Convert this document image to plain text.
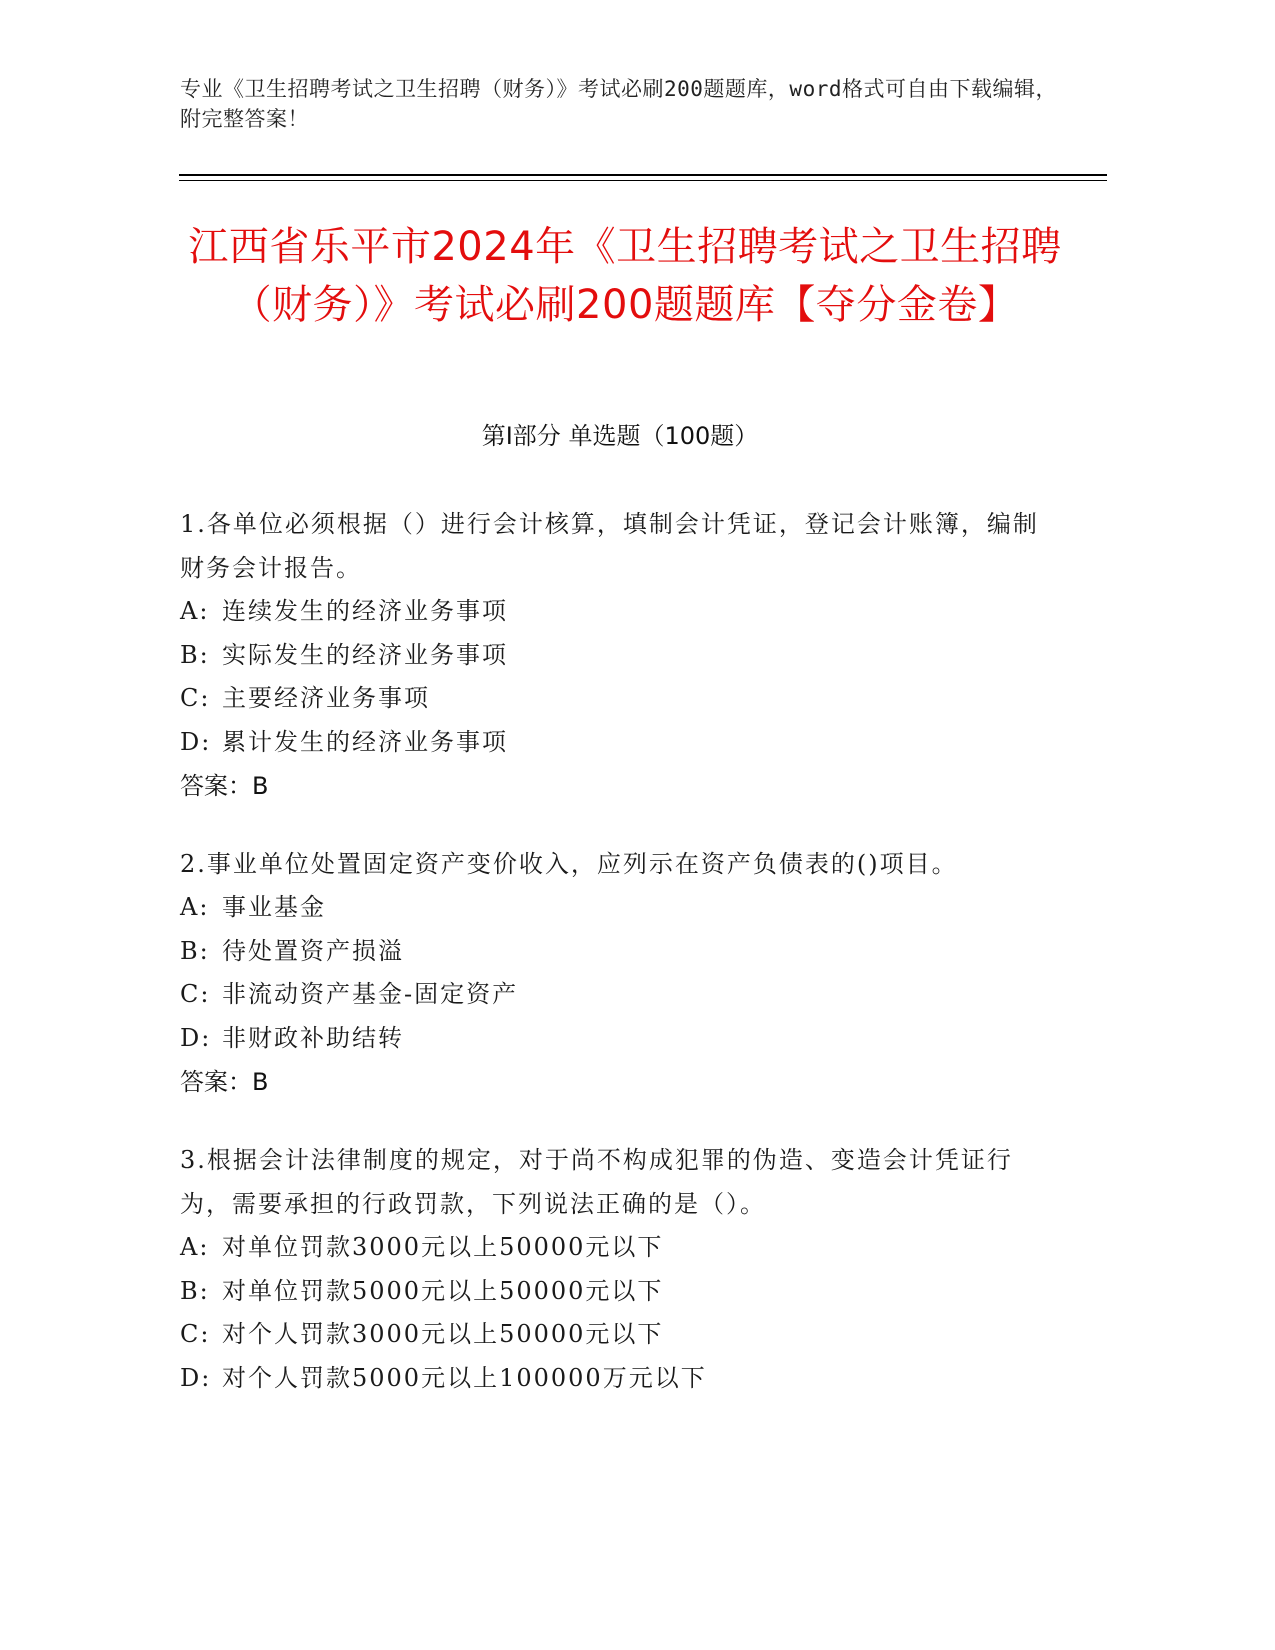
专业《卫生招聘考试之卫生招聘（财务）》考试必刷200题题库，word格式可自由下载编辑，附完整答案！
江西省乐平市2024年《卫生招聘考试之卫生招聘（财务）》考试必刷200题题库【夺分金卷】
第I部分 单选题（100题）

1.各单位必须根据（）进行会计核算，填制会计凭证，登记会计账簿，编制财务会计报告。

A: 连续发生的经济业务事项
B: 实际发生的经济业务事项
C: 主要经济业务事项
D: 累计发生的经济业务事项
答案：B

2.事业单位处置固定资产变价收入，应列示在资产负债表的()项目。

A: 事业基金
B: 待处置资产损溢
C: 非流动资产基金-固定资产
D: 非财政补助结转
答案：B

3.根据会计法律制度的规定，对于尚不构成犯罪的伪造、变造会计凭证行为，需要承担的行政罚款，下列说法正确的是（）。

A: 对单位罚款3000元以上50000元以下
B: 对单位罚款5000元以上50000元以下
C: 对个人罚款3000元以上50000元以下
D: 对个人罚款5000元以上100000万元以下
